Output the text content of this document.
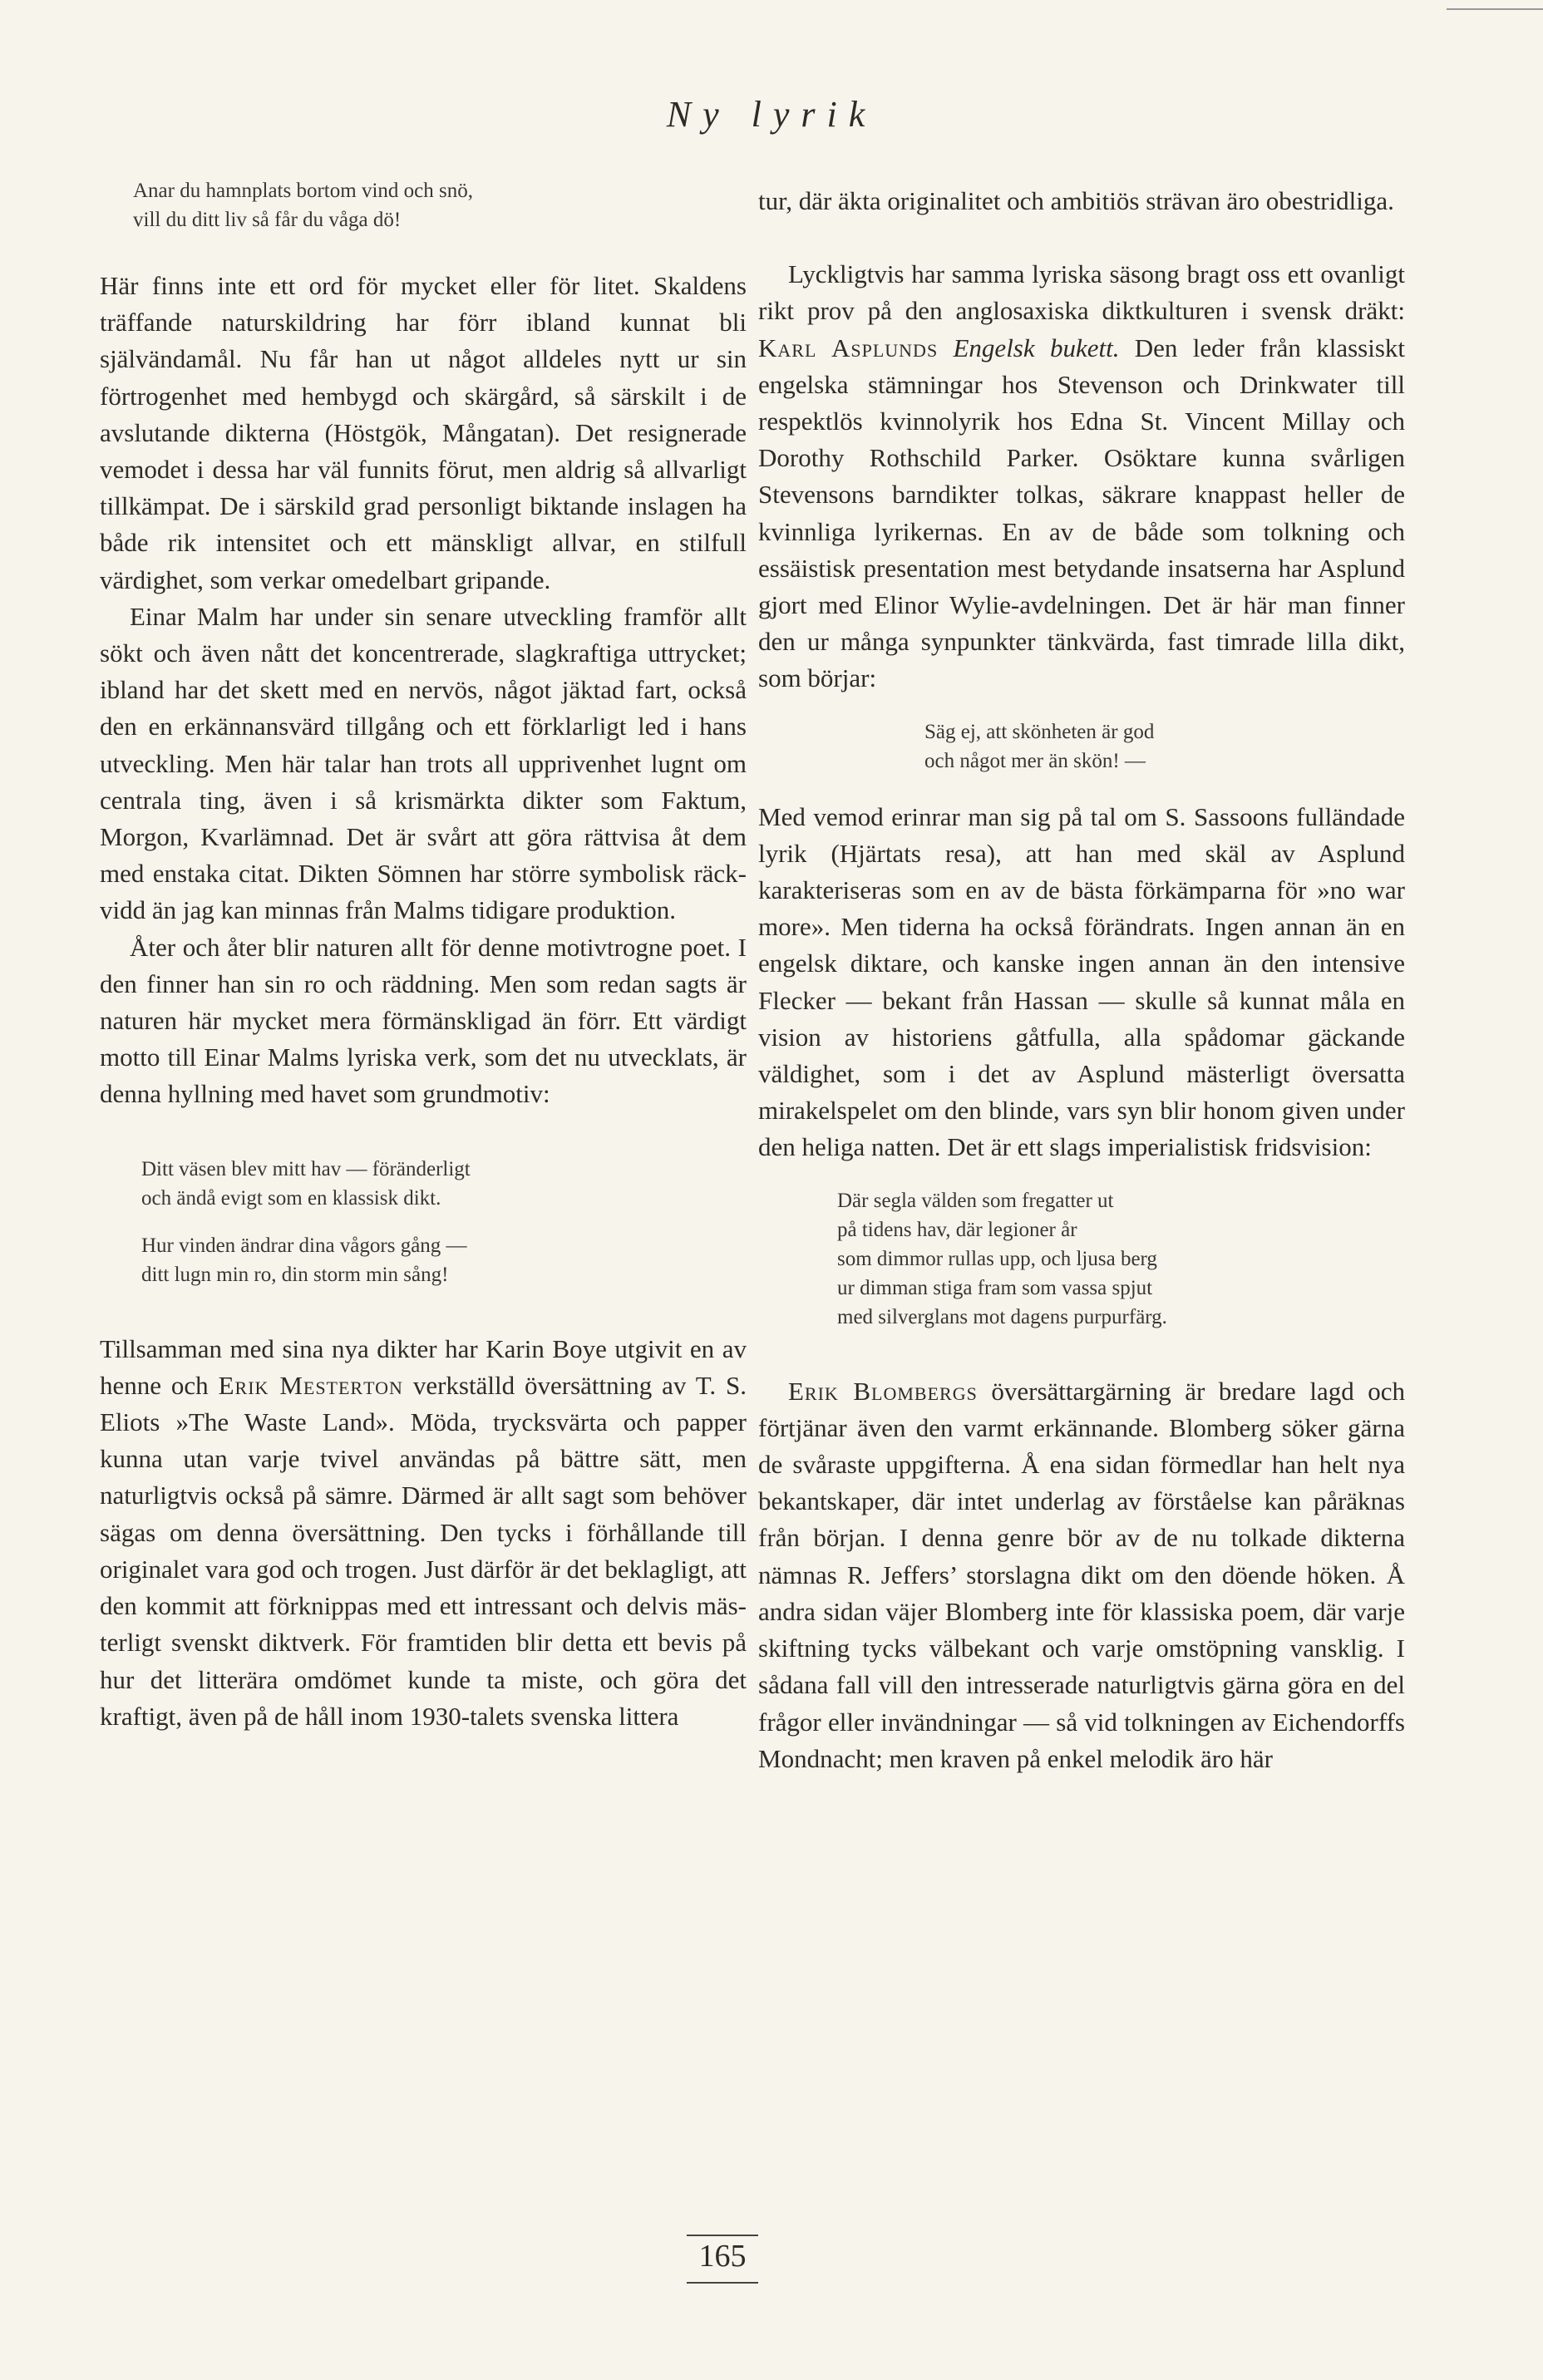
Ny lyrik

Anar du hamnplats bortom vind och snö,
vill du ditt liv så får du våga dö!

Här finns inte ett ord för mycket eller för litet. Skaldens träffande naturskildring har förr ibland kunnat bli självändamål. Nu får han ut något alldeles nytt ur sin förtrogenhet med hembygd och skärgård, så särskilt i de avslutande dikterna (Höstgök, Mångatan). Det resignerade vemodet i dessa har väl funnits förut, men aldrig så allvarligt tillkämpat. De i särskild grad personligt biktande inslagen ha både rik intensitet och ett mänskligt allvar, en stilfull värdighet, som verkar omedelbart gripande.

Einar Malm har under sin senare utveckling framför allt sökt och även nått det koncentrerade, slagkraftiga uttrycket; ibland har det skett med en nervös, något jäktad fart, också den en erkännansvärd tillgång och ett förklarligt led i hans utveckling. Men här talar han trots all upprivenhet lugnt om centrala ting, även i så krismärkta dikter som Faktum, Morgon, Kvarlämnad. Det är svårt att göra rättvisa åt dem med enstaka citat. Dikten Sömnen har större symbolisk räckvidd än jag kan minnas från Malms tidigare produktion.

Åter och åter blir naturen allt för denne motivtrogne poet. I den finner han sin ro och räddning. Men som redan sagts är naturen här mycket mera förmänskligad än förr. Ett värdigt motto till Einar Malms lyriska verk, som det nu utvecklats, är denna hyllning med havet som grundmotiv:

Ditt väsen blev mitt hav — föränderligt
och ändå evigt som en klassisk dikt.

Hur vinden ändrar dina vågors gång —
ditt lugn min ro, din storm min sång!

Tillsamman med sina nya dikter har Karin Boye utgivit en av henne och Erik Mesterton verkställd översättning av T. S. Eliots »The Waste Land». Möda, trycksvärta och papper kunna utan varje tvivel användas på bättre sätt, men naturligtvis också på sämre. Därmed är allt sagt som behöver sägas om denna översättning. Den tycks i förhållande till originalet vara god och trogen. Just därför är det beklagligt, att den kommit att förknippas med ett intressant och delvis mästerligt svenskt diktverk. För framtiden blir detta ett bevis på hur det litterära omdömet kunde ta miste, och göra det kraftigt, även på de håll inom 1930-talets svenska littera

tur, där äkta originalitet och ambitiös strävan äro obestridliga.

Lyckligtvis har samma lyriska säsong bragt oss ett ovanligt rikt prov på den anglosaxiska diktkulturen i svensk dräkt: Karl Asplunds Engelsk bukett. Den leder från klassiskt engelska stämningar hos Stevenson och Drinkwater till respektlös kvinnolyrik hos Edna St. Vincent Millay och Dorothy Rothschild Parker. Osöktare kunna svårligen Stevensons barndikter tolkas, säkrare knappast heller de kvinnliga lyrikernas. En av de både som tolkning och essäistisk presentation mest betydande insatserna har Asplund gjort med Elinor Wylie-avdelningen. Det är här man finner den ur många synpunkter tänkvärda, fast timrade lilla dikt, som börjar:

Säg ej, att skönheten är god
och något mer än skön! —

Med vemod erinrar man sig på tal om S. Sassoons fulländade lyrik (Hjärtats resa), att han med skäl av Asplund karakteriseras som en av de bästa förkämparna för »no war more». Men tiderna ha också förändrats. Ingen annan än en engelsk diktare, och kanske ingen annan än den intensive Flecker — bekant från Hassan — skulle så kunnat måla en vision av historiens gåtfulla, alla spådomar gäckande väldighet, som i det av Asplund mästerligt översatta mirakelspelet om den blinde, vars syn blir honom given under den heliga natten. Det är ett slags imperialistisk fridsvision:

Där segla välden som fregatter ut
på tidens hav, där legioner år
som dimmor rullas upp, och ljusa berg
ur dimman stiga fram som vassa spjut
med silverglans mot dagens purpurfärg.

Erik Blombergs översättargärning är bredare lagd och förtjänar även den varmt erkännande. Blomberg söker gärna de svåraste uppgifterna. Å ena sidan förmedlar han helt nya bekantskaper, där intet underlag av förståelse kan påräknas från början. I denna genre bör av de nu tolkade dikterna nämnas R. Jeffers’ storslagna dikt om den döende höken. Å andra sidan väjer Blomberg inte för klassiska poem, där varje skiftning tycks välbekant och varje omstöpning vansklig. I sådana fall vill den intresserade naturligtvis gärna göra en del frågor eller invändningar — så vid tolkningen av Eichendorffs Mondnacht; men kraven på enkel melodik äro här

165
